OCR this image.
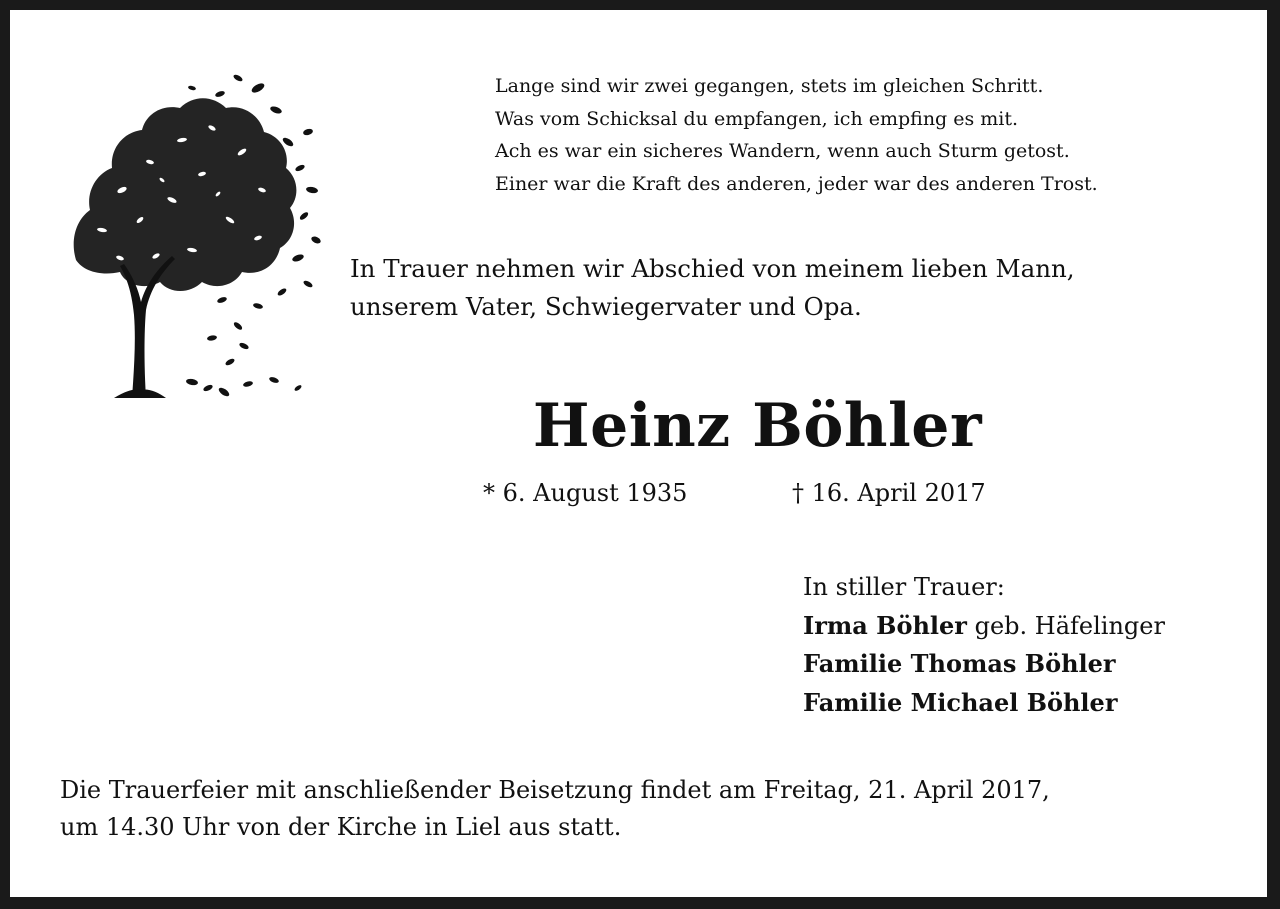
Lange sind wir zwei gegangen, stets im gleichen Schritt.
Was vom Schicksal du empfangen, ich empfing es mit.
Ach es war ein sicheres Wandern, wenn auch Sturm getost.
Einer war die Kraft des anderen, jeder war des anderen Trost.
In Trauer nehmen wir Abschied von meinem lieben Mann,
unserem Vater, Schwiegervater und Opa.
Heinz Böhler
* 6. August 1935	† 16. April 2017
In stiller Trauer:
Irma Böhler geb. Häfelinger
Familie Thomas Böhler
Familie Michael Böhler
Die Trauerfeier mit anschließender Beisetzung findet am Freitag, 21. April 2017,
um 14.30 Uhr von der Kirche in Liel aus statt.
